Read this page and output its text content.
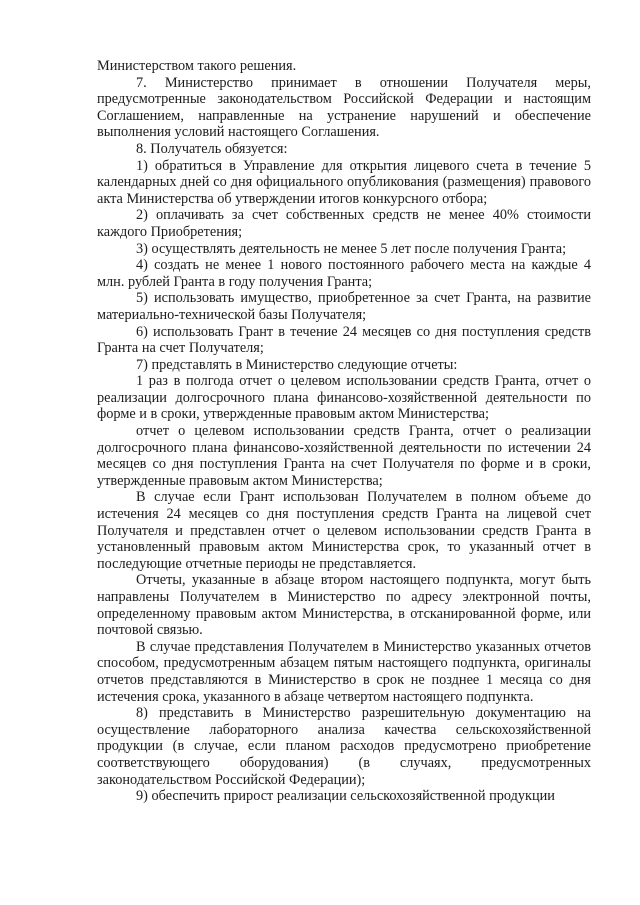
Министерством такого решения.

7. Министерство принимает в отношении Получателя меры, предусмотренные законодательством Российской Федерации и настоящим Соглашением, направленные на устранение нарушений и обеспечение выполнения условий настоящего Соглашения.

8. Получатель обязуется:

1) обратиться в Управление для открытия лицевого счета в течение 5 календарных дней со дня официального опубликования (размещения) правового акта Министерства об утверждении итогов конкурсного отбора;

2) оплачивать за счет собственных средств не менее 40% стоимости каждого Приобретения;

3) осуществлять деятельность не менее 5 лет после получения Гранта;

4) создать не менее 1 нового постоянного рабочего места на каждые 4 млн. рублей Гранта в году получения Гранта;

5) использовать имущество, приобретенное за счет Гранта, на развитие материально-технической базы Получателя;

6) использовать Грант в течение 24 месяцев со дня поступления средств Гранта на счет Получателя;

7) представлять в Министерство следующие отчеты:

1 раз в полгода отчет о целевом использовании средств Гранта, отчет о реализации долгосрочного плана финансово-хозяйственной деятельности по форме и в сроки, утвержденные правовым актом Министерства;

отчет о целевом использовании средств Гранта, отчет о реализации долгосрочного плана финансово-хозяйственной деятельности по истечении 24 месяцев со дня поступления Гранта на счет Получателя по форме и в сроки, утвержденные правовым актом Министерства;

В случае если Грант использован Получателем в полном объеме до истечения 24 месяцев со дня поступления средств Гранта на лицевой счет Получателя и представлен отчет о целевом использовании средств Гранта в установленный правовым актом Министерства срок, то указанный отчет в последующие отчетные периоды не представляется.

Отчеты, указанные в абзаце втором настоящего подпункта, могут быть направлены Получателем в Министерство по адресу электронной почты, определенному правовым актом Министерства, в отсканированной форме, или почтовой связью.

В случае представления Получателем в Министерство указанных отчетов способом, предусмотренным абзацем пятым настоящего подпункта, оригиналы отчетов представляются в Министерство в срок не позднее 1 месяца со дня истечения срока, указанного в абзаце четвертом настоящего подпункта.

8) представить в Министерство разрешительную документацию на осуществление лабораторного анализа качества сельскохозяйственной продукции (в случае, если планом расходов предусмотрено приобретение соответствующего оборудования) (в случаях, предусмотренных законодательством Российской Федерации);

9) обеспечить прирост реализации сельскохозяйственной продукции
